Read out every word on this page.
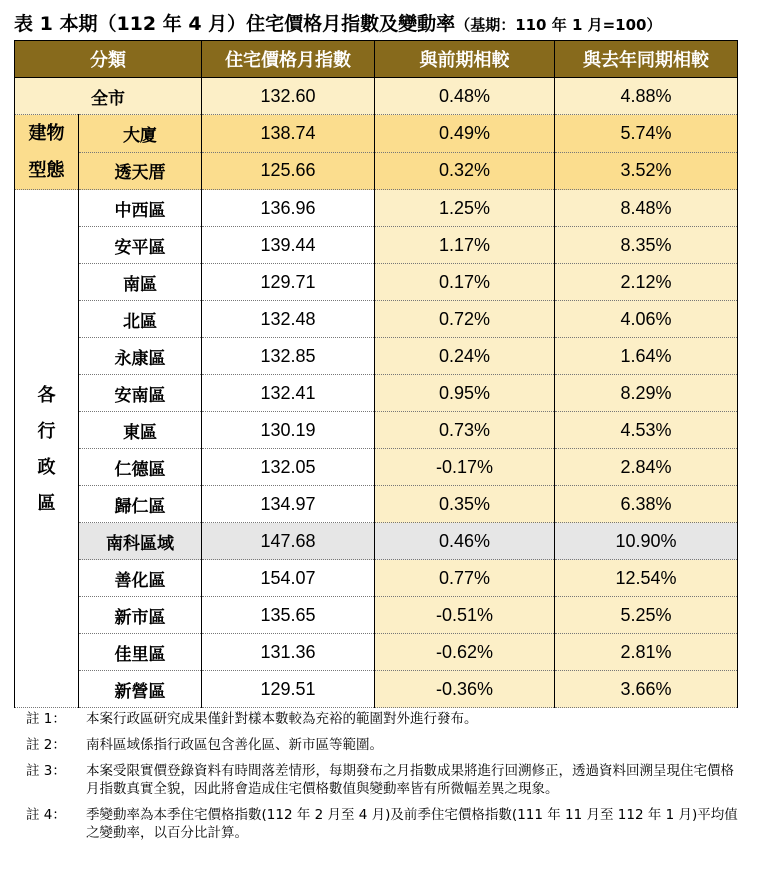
表 1 本期（112 年 4 月）住宅價格月指數及變動率（基期：110 年 1 月=100）
分類		住宅價格月指數	與前期相較	與去年同期相較
全市		132.60	0.48%	4.88%

建物
型態	大廈	138.74	0.49%	5.74%
	透天厝	125.66	0.32%	3.52%

各
行
政
區	中西區	136.96	1.25%	8.48%
	安平區	139.44	1.17%	8.35%
	南區	129.71	0.17%	2.12%
	北區	132.48	0.72%	4.06%
	永康區	132.85	0.24%	1.64%
	安南區	132.41	0.95%	8.29%
	東區	130.19	0.73%	4.53%
	仁德區	132.05	-0.17%	2.84%
	歸仁區	134.97	0.35%	6.38%
	南科區域	147.68	0.46%	10.90%
	善化區	154.07	0.77%	12.54%
	新市區	135.65	-0.51%	5.25%
	佳里區	131.36	-0.62%	2.81%
	新營區	129.51	-0.36%	3.66%
註 1： 本案行政區研究成果僅針對樣本數較為充裕的範圍對外進行發布。
註 2： 南科區域係指行政區包含善化區、新市區等範圍。
註 3： 本案受限實價登錄資料有時間落差情形，每期發布之月指數成果將進行回溯修正，透過資料回溯呈現住宅價格月指數真實全貌，因此將會造成住宅價格數值與變動率皆有所微幅差異之現象。
註 4： 季變動率為本季住宅價格指數(112 年 2 月至 4 月)及前季住宅價格指數(111 年 11 月至 112 年 1 月)平均值之變動率，以百分比計算。
